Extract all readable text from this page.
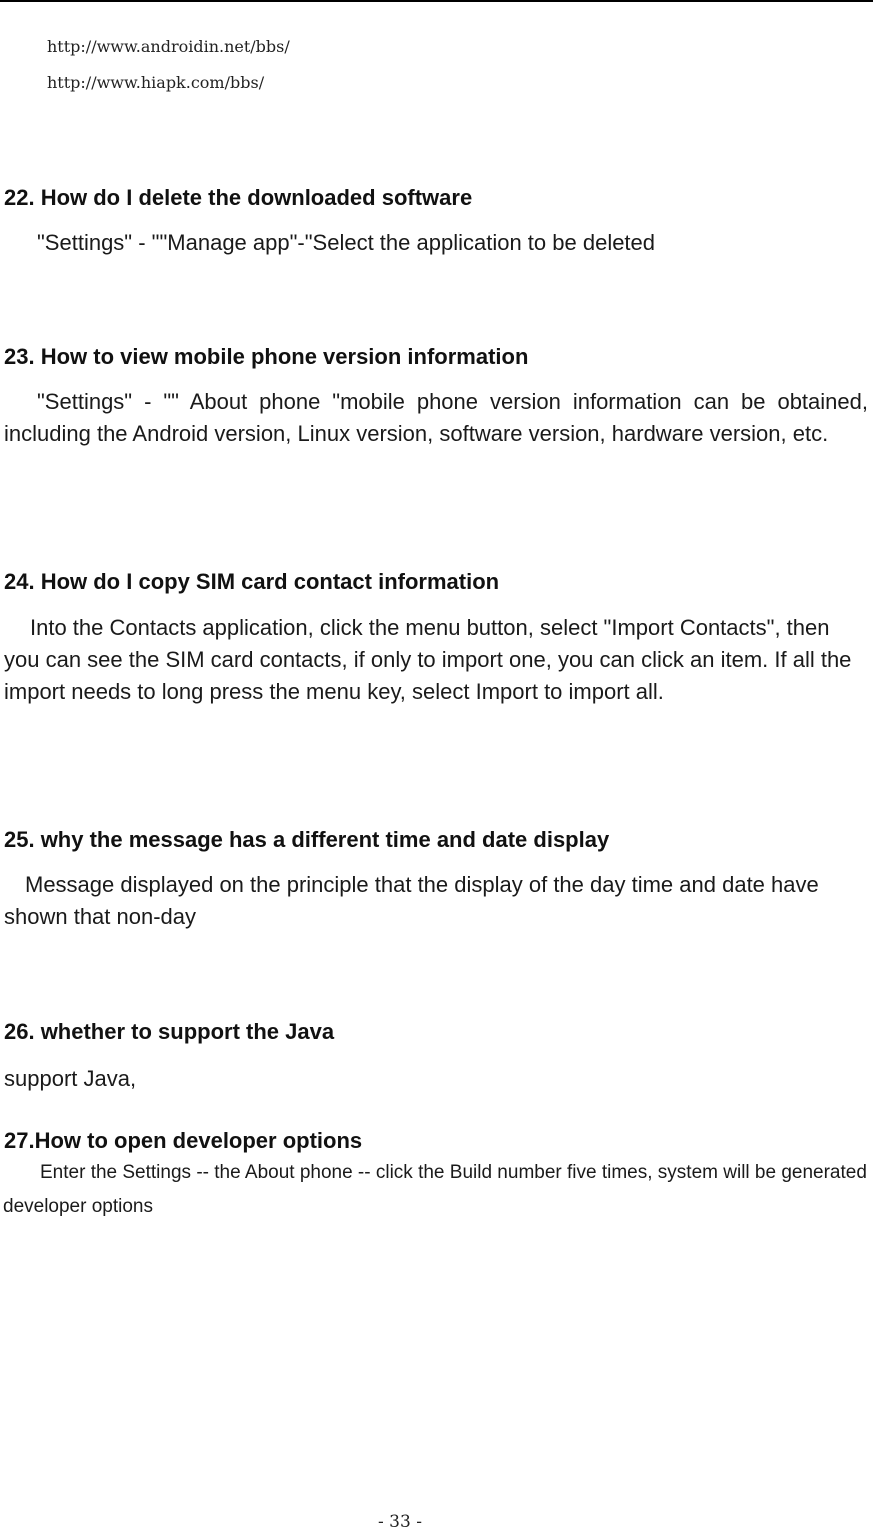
http://www.androidin.net/bbs/
http://www.hiapk.com/bbs/
22. How do I delete the downloaded software
"Settings" - ""Manage app"-"Select the application to be deleted
23. How to view mobile phone version information
"Settings" - "" About phone "mobile phone version information can be obtained, including the Android version, Linux version, software version, hardware version, etc.
24. How do I copy SIM card contact information
Into the Contacts application, click the menu button, select "Import Contacts", then you can see the SIM card contacts, if only to import one, you can click an item. If all the import needs to long press the menu key, select Import to import all.
25. why the message has a different time and date display
Message displayed on the principle that the display of the day time and date have shown that non-day
26. whether to support the Java
support Java,
27.How to open developer options
Enter the Settings -- the About phone -- click the Build number five times, system will be generated developer options
- 33 -
